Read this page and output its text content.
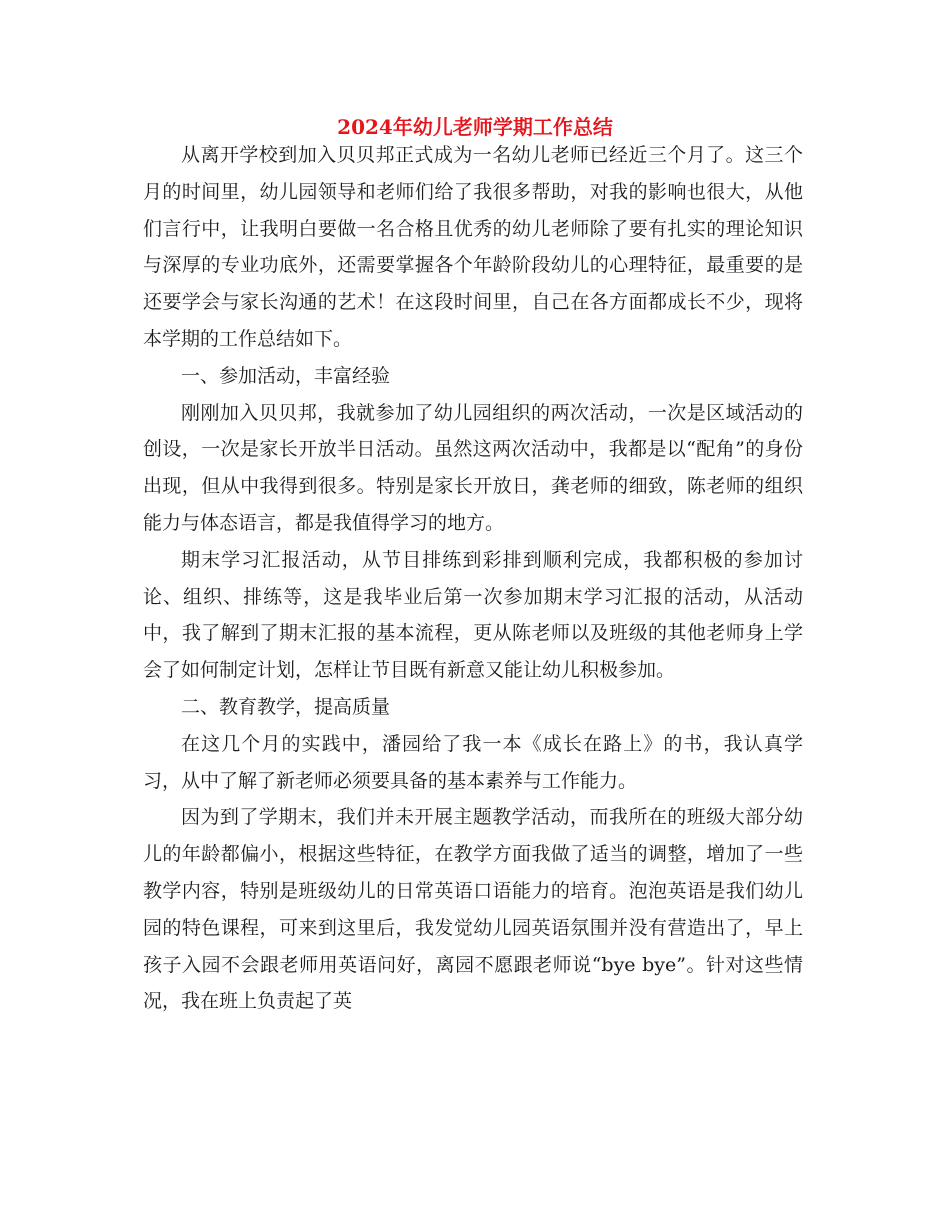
2024年幼儿老师学期工作总结

从离开学校到加入贝贝邦正式成为一名幼儿老师已经近三个月了。这三个月的时间里，幼儿园领导和老师们给了我很多帮助，对我的影响也很大，从他们言行中，让我明白要做一名合格且优秀的幼儿老师除了要有扎实的理论知识与深厚的专业功底外，还需要掌握各个年龄阶段幼儿的心理特征，最重要的是还要学会与家长沟通的艺术！在这段时间里，自己在各方面都成长不少，现将本学期的工作总结如下。

一、参加活动，丰富经验

刚刚加入贝贝邦，我就参加了幼儿园组织的两次活动，一次是区域活动的创设，一次是家长开放半日活动。虽然这两次活动中，我都是以“配角”的身份出现，但从中我得到很多。特别是家长开放日，龚老师的细致，陈老师的组织能力与体态语言，都是我值得学习的地方。

期末学习汇报活动，从节目排练到彩排到顺利完成，我都积极的参加讨论、组织、排练等，这是我毕业后第一次参加期末学习汇报的活动，从活动中，我了解到了期末汇报的基本流程，更从陈老师以及班级的其他老师身上学会了如何制定计划，怎样让节目既有新意又能让幼儿积极参加。

二、教育教学，提高质量

在这几个月的实践中，潘园给了我一本《成长在路上》的书，我认真学习，从中了解了新老师必须要具备的基本素养与工作能力。

因为到了学期末，我们并未开展主题教学活动，而我所在的班级大部分幼儿的年龄都偏小，根据这些特征，在教学方面我做了适当的调整，增加了一些教学内容，特别是班级幼儿的日常英语口语能力的培育。泡泡英语是我们幼儿园的特色课程，可来到这里后，我发觉幼儿园英语氛围并没有营造出了，早上孩子入园不会跟老师用英语问好，离园不愿跟老师说“bye bye”。针对这些情况，我在班上负责起了英
